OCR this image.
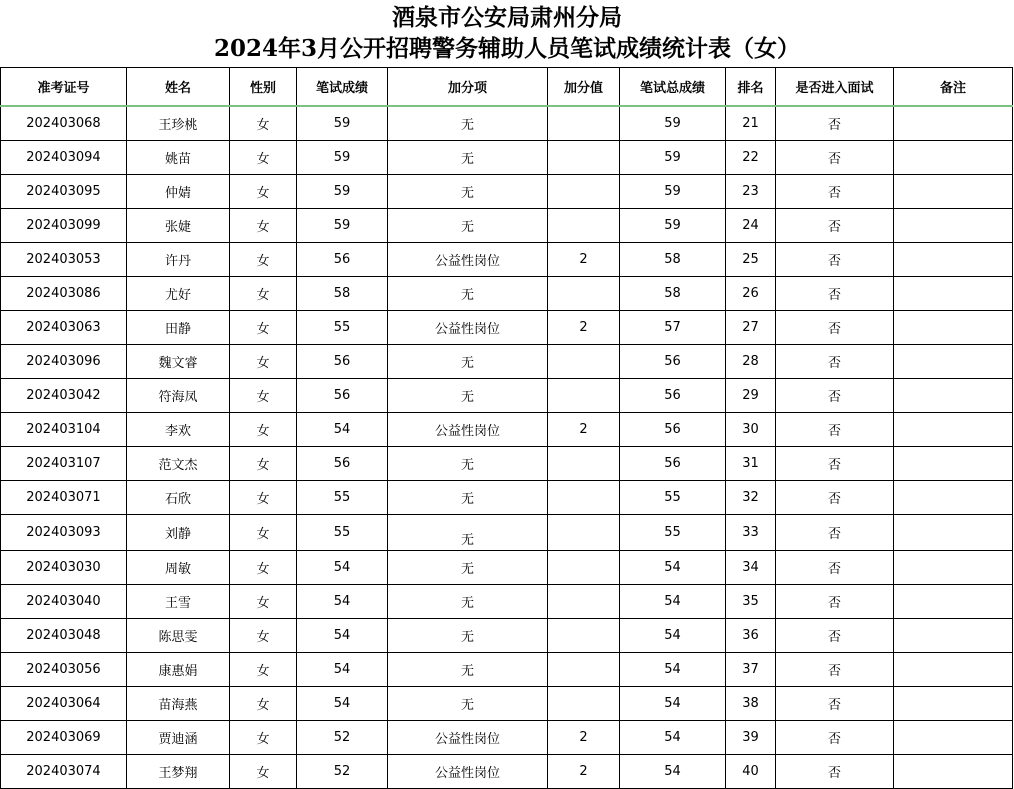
酒泉市公安局肃州分局
2024年3月公开招聘警务辅助人员笔试成绩统计表（女）
准考证号	姓名	性别	笔试成绩	加分项	加分值	笔试总成绩	排名	是否进入面试	备注
202403068	王珍桃	女	59	无		59	21	否	
202403094	姚苗	女	59	无		59	22	否	
202403095	仲婧	女	59	无		59	23	否	
202403099	张婕	女	59	无		59	24	否	
202403053	许丹	女	56	公益性岗位	2	58	25	否	
202403086	尤好	女	58	无		58	26	否	
202403063	田静	女	55	公益性岗位	2	57	27	否	
202403096	魏文睿	女	56	无		56	28	否	
202403042	符海凤	女	56	无		56	29	否	
202403104	李欢	女	54	公益性岗位	2	56	30	否	
202403107	范文杰	女	56	无		56	31	否	
202403071	石欣	女	55	无		55	32	否	
202403093	刘静	女	55	无		55	33	否	
202403030	周敏	女	54	无		54	34	否	
202403040	王雪	女	54	无		54	35	否	
202403048	陈思雯	女	54	无		54	36	否	
202403056	康惠娟	女	54	无		54	37	否	
202403064	苗海燕	女	54	无		54	38	否	
202403069	贾迪涵	女	52	公益性岗位	2	54	39	否	
202403074	王梦翔	女	52	公益性岗位	2	54	40	否	
